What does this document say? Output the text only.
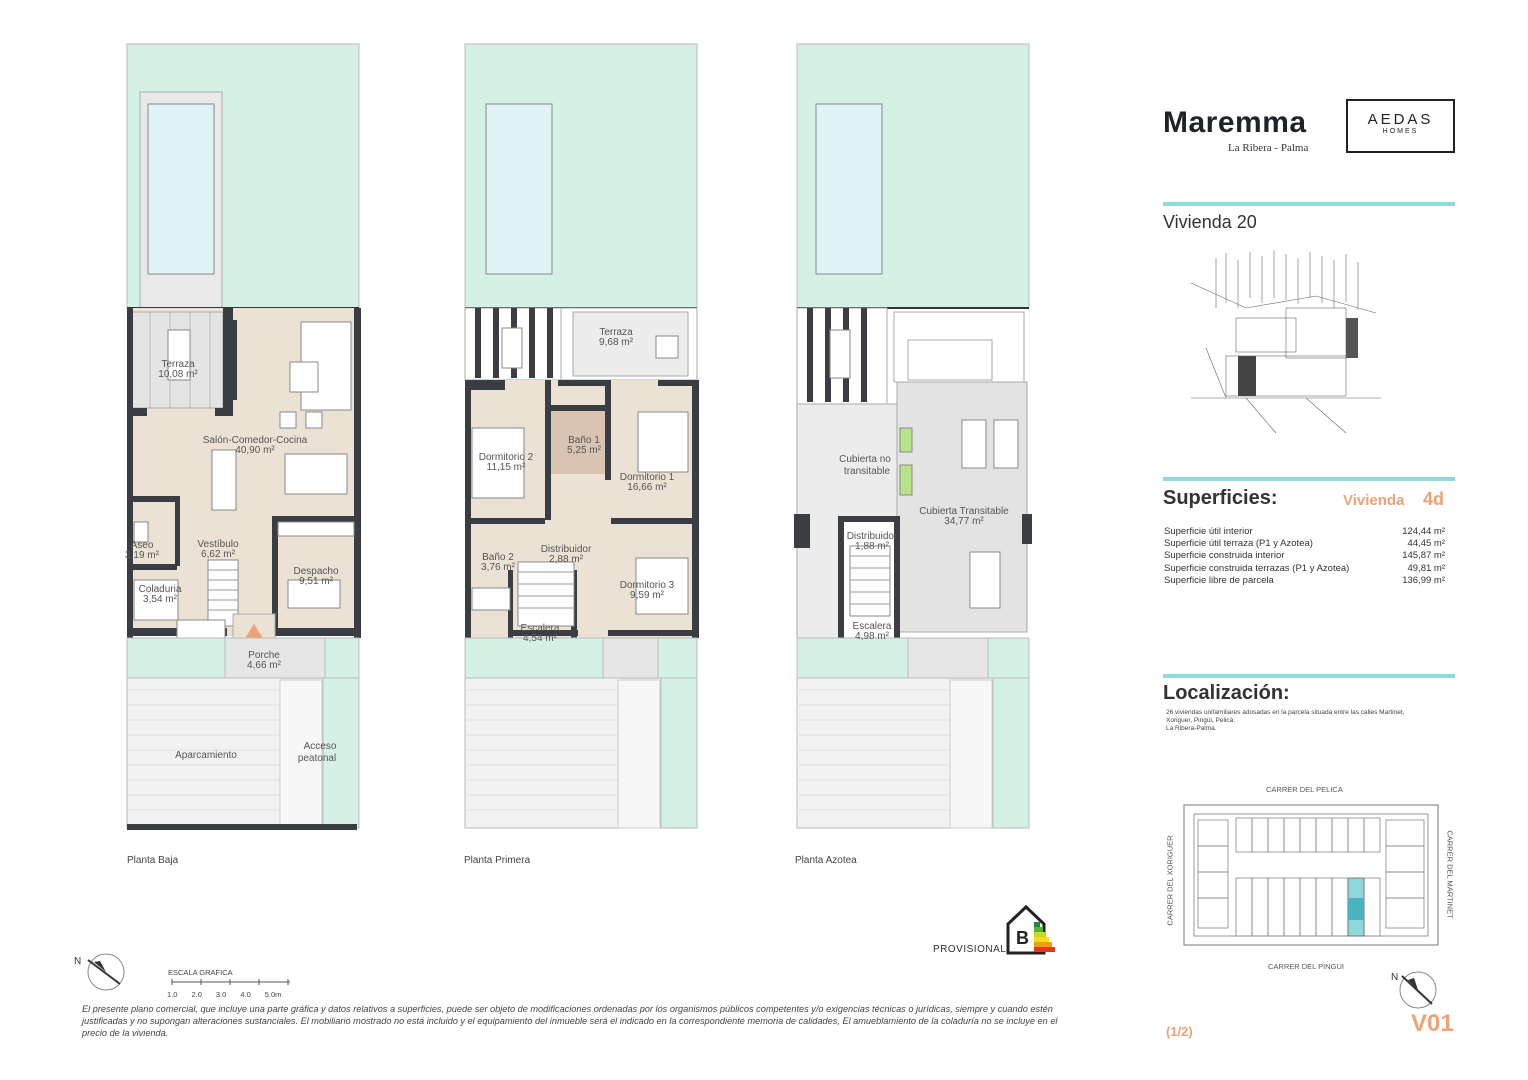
Terraza
10,08 m²
Salón-Comedor-Cocina
40,90 m²
Aseo
3,19 m²
Vestíbulo
6,62 m²
Despacho
9,51 m²
Coladuria
3,54 m²
Porche
4,66 m²
Aparcamiento
Acceso
peatonal
Planta Baja
Terraza
9,68 m²
Dormitorio 2
11,15 m²
Baño 1
5,25 m²
Dormitorio 1
16,66 m²
Baño 2
3,76 m²
Distribuidor
2,88 m²
Dormitorio 3
9,59 m²
Escalera
4,54 m²
Planta Primera
Cubierta no
transitable
Cubierta Transitable
34,77 m²
Distribuidor
1,88 m²
Escalera
4,98 m²
Planta Azotea
Maremma
La Ribera - Palma
AEDAS
HOMES
Vivienda 20
Superficies:	Vivienda 4d
Superficie útil interior	124,44 m²
Superficie útil terraza (P1 y Azotea)	44,45 m²
Superficie construida interior	145,87 m²
Superficie construida terrazas (P1 y Azotea)	49,81 m²
Superficie libre de parcela	136,99 m²
Localización:
26 viviendas unifamiliares adosadas en la parcela situada entre las calles Martinet,
Xoriguer, Pingüi, Pelicà.
La Ribera-Palma.
CARRER DEL PELICA
CARRER DEL PINGUI
CARRER DEL XORIGUER	CARRER DEL MARTINET
N
N
ESCALA GRAFICA
1.0 2.0 3.0 4.0 5.0m
PROVISIONAL
B
El presente plano comercial, que incluye una parte gráfica y datos relativos a superficies, puede ser objeto de modificaciones ordenadas por los organismos públicos competentes y/o exigencias técnicas o jurídicas, siempre y cuando estén justificadas y no supongan alteraciones sustanciales. El mobiliario mostrado no está incluido y el equipamiento del inmueble será el indicado en la correspondiente memoria de calidades, El amueblamiento de la coladuría no se incluye en el precio de la vivienda.	(1/2)	V01
